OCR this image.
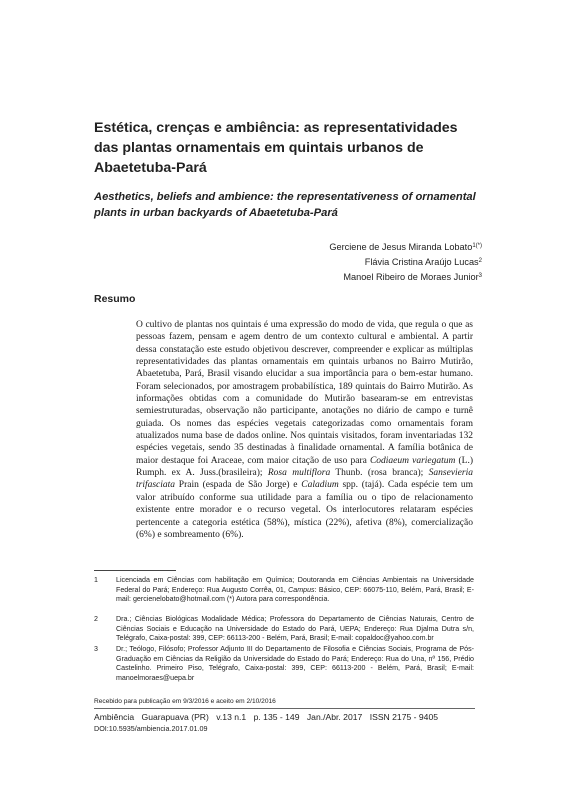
Estética, crenças e ambiência: as representatividades das plantas ornamentais em quintais urbanos de Abaetetuba-Pará
Aesthetics, beliefs and ambience: the representativeness of ornamental plants in urban backyards of Abaetetuba-Pará
Gerciene de Jesus Miranda Lobato$^{1(*)}$
Flávia Cristina Araújo Lucas$^2$
Manoel Ribeiro de Moraes Junior$^3$
Resumo

O cultivo de plantas nos quintais é uma expressão do modo de vida, que regula o que as pessoas fazem, pensam e agem dentro de um contexto cultural e ambiental. A partir dessa constatação este estudo objetivou descrever, compreender e explicar as múltiplas representatividades das plantas ornamentais em quintais urbanos no Bairro Mutirão, Abaetetuba, Pará, Brasil visando elucidar a sua importância para o bem-estar humano. Foram selecionados, por amostragem probabilística, 189 quintais do Bairro Mutirão. As informações obtidas com a comunidade do Mutirão basearam-se em entrevistas semiestruturadas, observação não participante, anotações no diário de campo e turnê guiada. Os nomes das espécies vegetais categorizadas como ornamentais foram atualizados numa base de dados online. Nos quintais visitados, foram inventariadas 132 espécies vegetais, sendo 35 destinadas à finalidade ornamental. A família botânica de maior destaque foi Araceae, com maior citação de uso para Codiaeum variegatum (L.) Rumph. ex A. Juss.(brasileira); Rosa multiflora Thunb. (rosa branca); Sansevieria trifasciata Prain (espada de São Jorge) e Caladium spp. (tajá). Cada espécie tem um valor atribuído conforme sua utilidade para a família ou o tipo de relacionamento existente entre morador e o recurso vegetal. Os interlocutores relataram espécies pertencente a categoria estética (58%), mística (22%), afetiva (8%), comercialização (6%) e sombreamento (6%).

1	Licenciada em Ciências com habilitação em Química; Doutoranda em Ciências Ambientais na Universidade Federal do Pará; Endereço: Rua Augusto Corrêa, 01, Campus: Básico, CEP: 66075-110, Belém, Pará, Brasil; E-mail: gercienelobato@hotmail.com (*) Autora para correspondência.
2	Dra.; Ciências Biológicas Modalidade Médica; Professora do Departamento de Ciências Naturais, Centro de Ciências Sociais e Educação na Universidade do Estado do Pará, UEPA; Endereço: Rua Djalma Dutra s/n, Telégrafo, Caixa-postal: 399, CEP: 66113-200 - Belém, Pará, Brasil; E-mail: copaldoc@yahoo.com.br
3	Dr.; Teólogo, Filósofo; Professor Adjunto III do Departamento de Filosofia e Ciências Sociais, Programa de Pós-Graduação em Ciências da Religião da Universidade do Estado do Pará; Endereço: Rua do Una, nº 156, Prédio Castelinho. Primeiro Piso, Telégrafo, Caixa-postal: 399, CEP: 66113-200 - Belém, Pará, Brasil; E-mail: manoelmoraes@uepa.br
Recebido para publicação em 9/3/2016 e aceito em 2/10/2016
Ambiência Guarapuava (PR) v.13 n.1 p. 135 - 149 Jan./Abr. 2017 ISSN 2175 - 9405
DOI:10.5935/ambiencia.2017.01.09
